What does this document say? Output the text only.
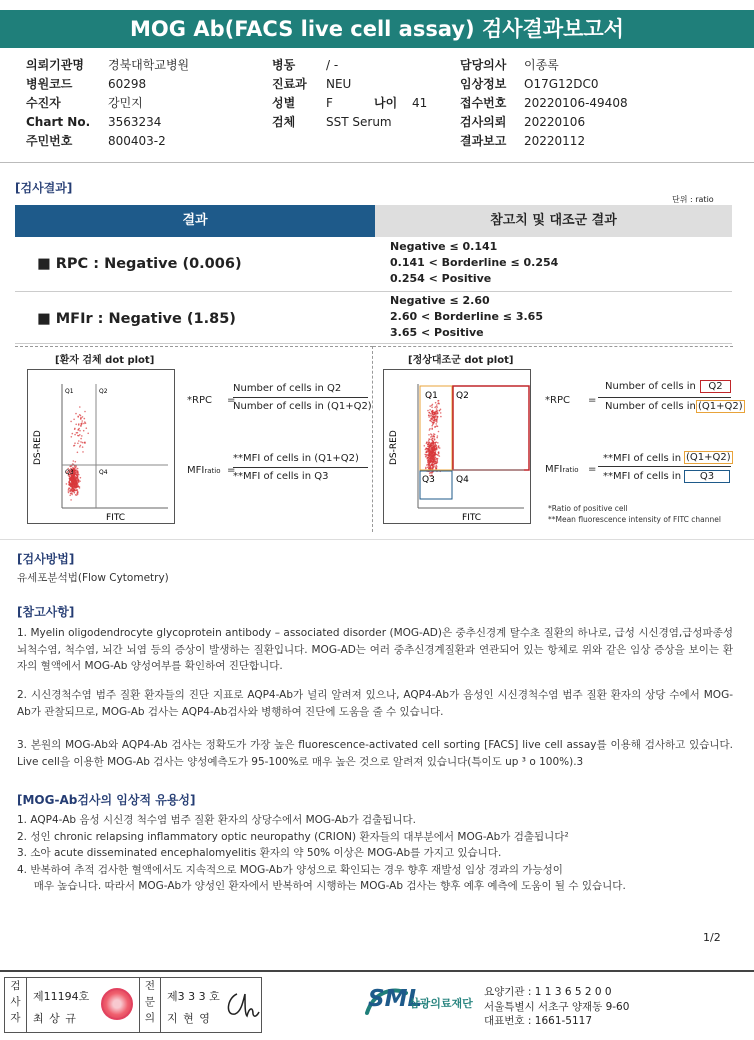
MOG Ab(FACS live cell assay) 검사결과보고서
의뢰기관명 경북대학교병원
병원코드	60298
수진자	강민지
Chart No. 3563234
주민번호	800403-2
병동	/ -
진료과 NEU
성별	F	나이 41
검체	SST Serum
담당의사 이종록
임상정보 O17G12DC0
접수번호 20220106-49408
검사의뢰 20220106
결과보고 20220112
[검사결과]
단위 : ratio
결과	참고치 및 대조군 결과
■ RPC : Negative (0.006)
Negative ≤ 0.141
0.141 < Borderline ≤ 0.254
0.254 < Positive
■ MFIr : Negative (1.85)
Negative ≤ 2.60
2.60 < Borderline ≤ 3.65
3.65 < Positive
[환자 검체 dot plot]
Q1	Q2
Q3	Q4
FITC
DS-RED
*RPC =
Number of cells in Q2
Number of cells in (Q1+Q2)
MFIratio =
**MFI of cells in (Q1+Q2)
**MFI of cells in Q3
[정상대조군 dot plot]
Q1 Q2
Q3 Q4
FITC
DS-RED
*RPC =
Number of cells in	Q2
Number of cells in (Q1+Q2)
MFIratio =
**MFI of cells in (Q1+Q2)
**MFI of cells in	Q3
*Ratio of positive cell
**Mean fluorescence intensity of FITC channel
[검사방법]
유세포분석법(Flow Cytometry)
[참고사항]
1. Myelin oligodendrocyte glycoprotein antibody – associated disorder (MOG-AD)은 중추신경계 탈수초 질환의 하나로, 급성 시신경염,급성파종성 뇌척수염, 척수염, 뇌간 뇌염 등의 증상이 발생하는 질환입니다. MOG-AD는 여러 중추신경계질환과 연관되어 있는 항체로 위와 같은 임상 증상을 보이는 환자의 혈액에서 MOG-Ab 양성여부를 확인하여 진단합니다.
2. 시신경척수염 범주 질환 환자들의 진단 지표로 AQP4-Ab가 널리 알려져 있으나, AQP4-Ab가 음성인 시신경척수염 범주 질환 환자의 상당 수에서 MOG-Ab가 관찰되므로, MOG-Ab 검사는 AQP4-Ab검사와 병행하여 진단에 도움을 줄 수 있습니다.
3. 본원의 MOG-Ab와 AQP4-Ab 검사는 정확도가 가장 높은 fluorescence-activated cell sorting [FACS] live cell assay를 이용해 검사하고 있습니다. Live cell을 이용한 MOG-Ab 검사는 양성예측도가 95-100%로 매우 높은 것으로 알려져 있습니다(특이도 up ³ o 100%).3
[MOG-Ab검사의 임상적 유용성]
1. AQP4-Ab 음성 시신경 척수염 범주 질환 환자의 상당수에서 MOG-Ab가 검출됩니다.
2. 성인 chronic relapsing inflammatory optic neuropathy (CRION) 환자들의 대부분에서 MOG-Ab가 검출됩니다²
3. 소아 acute disseminated encephalomyelitis 환자의 약 50% 이상은 MOG-Ab를 가지고 있습니다.
4. 반복하여 추적 검사한 혈액에서도 지속적으로 MOG-Ab가 양성으로 확인되는 경우 향후 재발성 임상 경과의 가능성이
매우 높습니다. 따라서 MOG-Ab가 양성인 환자에서 반복하여 시행하는 MOG-Ab 검사는 향후 예후 예측에 도움이 될 수 있습니다.
1/2
검
사
자
제11194호
최 상 규
전
문
의
제3 3 3 호
지 현 영
SML
삼광의료재단
요양기관 : 1 1 3 6 5 2 0 0
서울특별시 서초구 양재동 9-60
대표번호 : 1661-5117
